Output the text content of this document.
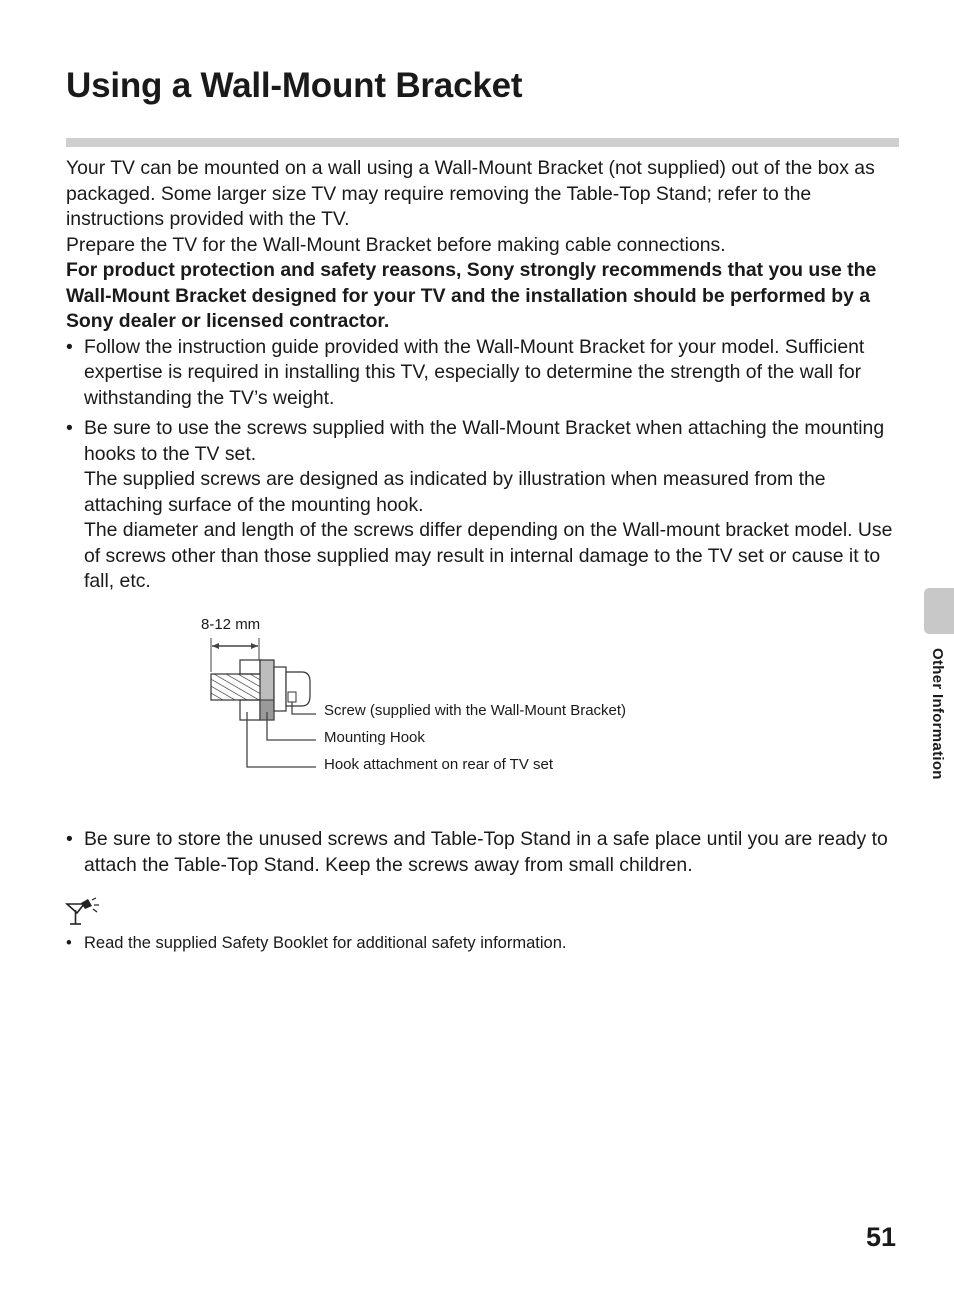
Using a Wall-Mount Bracket

Your TV can be mounted on a wall using a Wall-Mount Bracket (not supplied) out of the box as packaged. Some larger size TV may require removing the Table-Top Stand; refer to the instructions provided with the TV.

Prepare the TV for the Wall-Mount Bracket before making cable connections.

For product protection and safety reasons, Sony strongly recommends that you use the Wall-Mount Bracket designed for your TV and the installation should be performed by a Sony dealer or licensed contractor.

• Follow the instruction guide provided with the Wall-Mount Bracket for your model. Sufficient expertise is required in installing this TV, especially to determine the strength of the wall for withstanding the TV’s weight.

• Be sure to use the screws supplied with the Wall-Mount Bracket when attaching the mounting hooks to the TV set.

The supplied screws are designed as indicated by illustration when measured from the attaching surface of the mounting hook.

The diameter and length of the screws differ depending on the Wall-mount bracket model. Use of screws other than those supplied may result in internal damage to the TV set or cause it to fall, etc.

8-12 mm
Screw (supplied with the Wall-Mount Bracket)
Mounting Hook
Hook attachment on rear of TV set

• Be sure to store the unused screws and Table-Top Stand in a safe place until you are ready to attach the Table-Top Stand. Keep the screws away from small children.

• Read the supplied Safety Booklet for additional safety information.

Other Information
51
